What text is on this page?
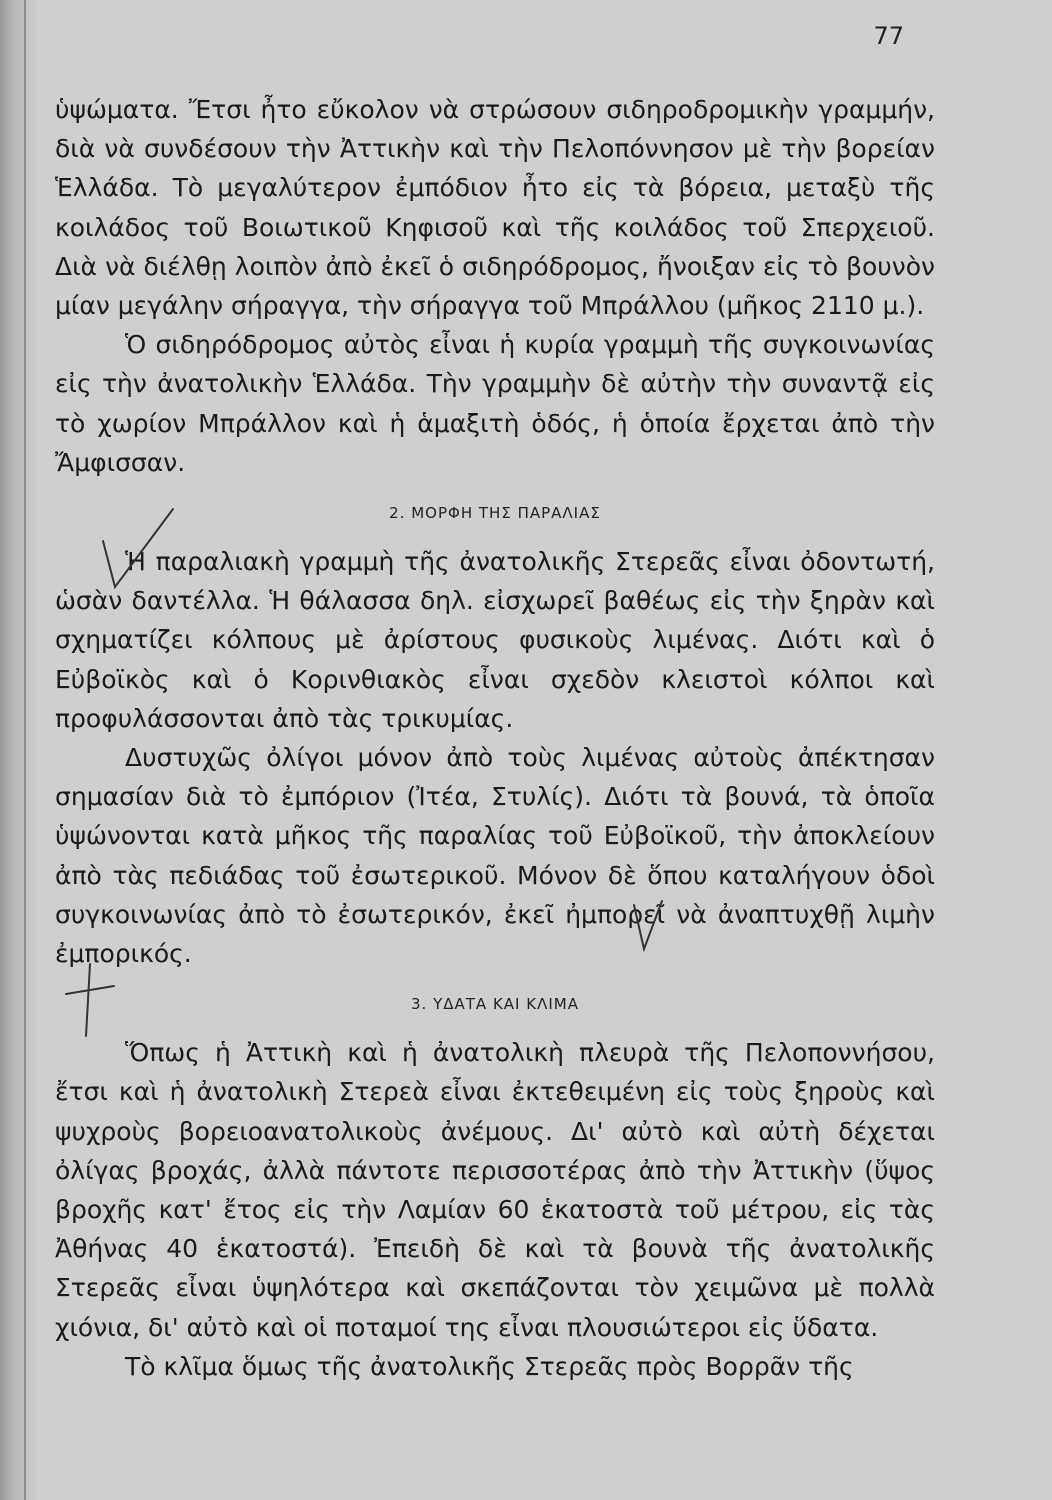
77

ὑψώματα. Ἔτσι ἦτο εὔκολον νὰ στρώσουν σιδηροδρομικὴν γραμμήν, διὰ νὰ συνδέσουν τὴν Ἀττικὴν καὶ τὴν Πελοπόννησον μὲ τὴν βορείαν Ἑλλάδα. Τὸ μεγαλύτερον ἐμπόδιον ἦτο εἰς τὰ βόρεια, μεταξὺ τῆς κοιλάδος τοῦ Βοιωτικοῦ Κηφισοῦ καὶ τῆς κοιλάδος τοῦ Σπερχειοῦ. Διὰ νὰ διέλθῃ λοιπὸν ἀπὸ ἐκεῖ ὁ σιδηρόδρομος, ἤνοιξαν εἰς τὸ βουνὸν μίαν μεγάλην σήραγγα, τὴν σήραγγα τοῦ Μπράλλου (μῆκος 2110 μ.).

Ὁ σιδηρόδρομος αὐτὸς εἶναι ἡ κυρία γραμμὴ τῆς συγκοινωνίας εἰς τὴν ἀνατολικὴν Ἑλλάδα. Τὴν γραμμὴν δὲ αὐτὴν τὴν συναντᾷ εἰς τὸ χωρίον Μπράλλον καὶ ἡ ἁμαξιτὴ ὁδός, ἡ ὁποία ἔρχεται ἀπὸ τὴν Ἄμφισσαν.

2. ΜΟΡΦΗ ΤΗΣ ΠΑΡΑΛΙΑΣ

Ἡ παραλιακὴ γραμμὴ τῆς ἀνατολικῆς Στερεᾶς εἶναι ὀδοντωτή, ὡσὰν δαντέλλα. Ἡ θάλασσα δηλ. εἰσχωρεῖ βαθέως εἰς τὴν ξηρὰν καὶ σχηματίζει κόλπους μὲ ἀρίστους φυσικοὺς λιμένας. Διότι καὶ ὁ Εὐβοϊκὸς καὶ ὁ Κορινθιακὸς εἶναι σχεδὸν κλειστοὶ κόλποι καὶ προφυλάσσονται ἀπὸ τὰς τρικυμίας.

Δυστυχῶς ὀλίγοι μόνον ἀπὸ τοὺς λιμένας αὐτοὺς ἀπέκτησαν σημασίαν διὰ τὸ ἐμπόριον (Ἰτέα, Στυλίς). Διότι τὰ βουνά, τὰ ὁποῖα ὑψώνονται κατὰ μῆκος τῆς παραλίας τοῦ Εὐβοϊκοῦ, τὴν ἀποκλείουν ἀπὸ τὰς πεδιάδας τοῦ ἐσωτερικοῦ. Μόνον δὲ ὅπου καταλήγουν ὁδοὶ συγκοινωνίας ἀπὸ τὸ ἐσωτερικόν, ἐκεῖ ἠμπορεῖ νὰ ἀναπτυχθῇ λιμὴν ἐμπορικός.

3. ΥΔΑΤΑ ΚΑΙ ΚΛΙΜΑ

Ὅπως ἡ Ἀττικὴ καὶ ἡ ἀνατολικὴ πλευρὰ τῆς Πελοποννήσου, ἔτσι καὶ ἡ ἀνατολικὴ Στερεὰ εἶναι ἐκτεθειμένη εἰς τοὺς ξηροὺς καὶ ψυχροὺς βορειοανατολικοὺς ἀνέμους. Δι' αὐτὸ καὶ αὐτὴ δέχεται ὀλίγας βροχάς, ἀλλὰ πάντοτε περισσοτέρας ἀπὸ τὴν Ἀττικὴν (ὕψος βροχῆς κατ' ἔτος εἰς τὴν Λαμίαν 60 ἑκατοστὰ τοῦ μέτρου, εἰς τὰς Ἀθήνας 40 ἑκατοστά). Ἐπειδὴ δὲ καὶ τὰ βουνὰ τῆς ἀνατολικῆς Στερεᾶς εἶναι ὑψηλότερα καὶ σκεπάζονται τὸν χειμῶνα μὲ πολλὰ χιόνια, δι' αὐτὸ καὶ οἱ ποταμοί της εἶναι πλουσιώτεροι εἰς ὕδατα.

Τὸ κλῖμα ὅμως τῆς ἀνατολικῆς Στερεᾶς πρὸς Βορρᾶν τῆς
